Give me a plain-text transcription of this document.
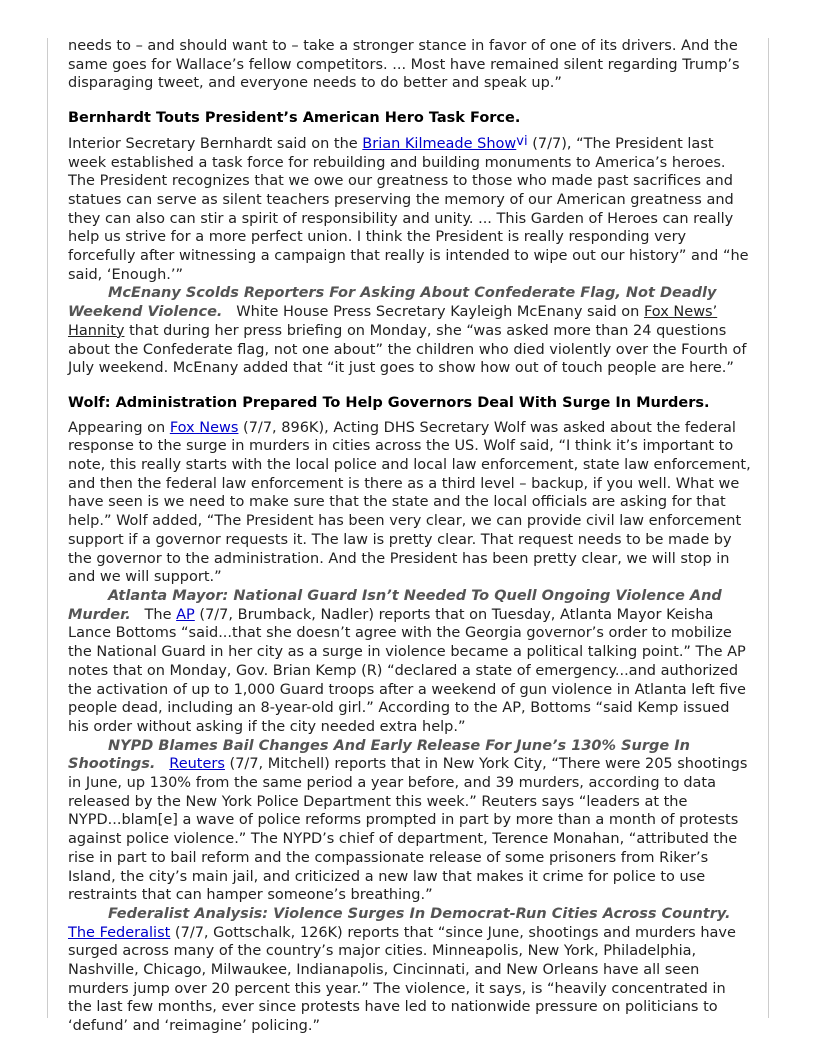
needs to – and should want to – take a stronger stance in favor of one of its drivers. And the same goes for Wallace’s fellow competitors. ... Most have remained silent regarding Trump’s disparaging tweet, and everyone needs to do better and speak up.”

Bernhardt Touts President’s American Hero Task Force.

Interior Secretary Bernhardt said on the Brian Kilmeade Show$^{vi}$ (7/7), “The President last week established a task force for rebuilding and building monuments to America’s heroes. The President recognizes that we owe our greatness to those who made past sacrifices and statues can serve as silent teachers preserving the memory of our American greatness and they can also can stir a spirit of responsibility and unity. ... This Garden of Heroes can really help us strive for a more perfect union. I think the President is really responding very forcefully after witnessing a campaign that really is intended to wipe out our history” and “he said, ‘Enough.’”

McEnany Scolds Reporters For Asking About Confederate Flag, Not Deadly Weekend Violence.   White House Press Secretary Kayleigh McEnany said on Fox News’ Hannity that during her press briefing on Monday, she “was asked more than 24 questions about the Confederate flag, not one about” the children who died violently over the Fourth of July weekend. McEnany added that “it just goes to show how out of touch people are here.”

Wolf: Administration Prepared To Help Governors Deal With Surge In Murders.

Appearing on Fox News (7/7, 896K), Acting DHS Secretary Wolf was asked about the federal response to the surge in murders in cities across the US. Wolf said, “I think it’s important to note, this really starts with the local police and local law enforcement, state law enforcement, and then the federal law enforcement is there as a third level – backup, if you well. What we have seen is we need to make sure that the state and the local officials are asking for that help.” Wolf added, “The President has been very clear, we can provide civil law enforcement support if a governor requests it. The law is pretty clear. That request needs to be made by the governor to the administration. And the President has been pretty clear, we will stop in and we will support.”

Atlanta Mayor: National Guard Isn’t Needed To Quell Ongoing Violence And Murder.   The AP (7/7, Brumback, Nadler) reports that on Tuesday, Atlanta Mayor Keisha Lance Bottoms “said...that she doesn’t agree with the Georgia governor’s order to mobilize the National Guard in her city as a surge in violence became a political talking point.” The AP notes that on Monday, Gov. Brian Kemp (R) “declared a state of emergency...and authorized the activation of up to 1,000 Guard troops after a weekend of gun violence in Atlanta left five people dead, including an 8-year-old girl.” According to the AP, Bottoms “said Kemp issued his order without asking if the city needed extra help.”

NYPD Blames Bail Changes And Early Release For June’s 130% Surge In Shootings. Reuters (7/7, Mitchell) reports that in New York City, “There were 205 shootings in June, up 130% from the same period a year before, and 39 murders, according to data released by the New York Police Department this week.” Reuters says “leaders at the NYPD...blam[e] a wave of police reforms prompted in part by more than a month of protests against police violence.” The NYPD’s chief of department, Terence Monahan, “attributed the rise in part to bail reform and the compassionate release of some prisoners from Riker’s Island, the city’s main jail, and criticized a new law that makes it crime for police to use restraints that can hamper someone’s breathing.”

Federalist Analysis: Violence Surges In Democrat-Run Cities Across Country.
The Federalist (7/7, Gottschalk, 126K) reports that “since June, shootings and murders have surged across many of the country’s major cities. Minneapolis, New York, Philadelphia, Nashville, Chicago, Milwaukee, Indianapolis, Cincinnati, and New Orleans have all seen murders jump over 20 percent this year.” The violence, it says, is “heavily concentrated in the last few months, ever since protests have led to nationwide pressure on politicians to ‘defund’ and ‘reimagine’ policing.”
